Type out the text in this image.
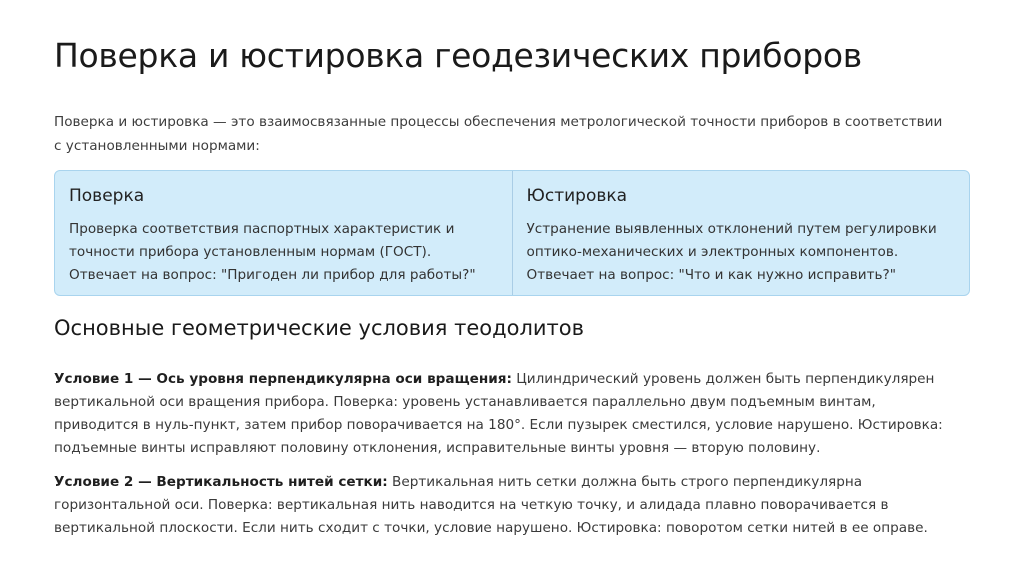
Поверка и юстировка геодезических приборов

Поверка и юстировка — это взаимосвязанные процессы обеспечения метрологической точности приборов в соответствии с установленными нормами:

Поверка

Проверка соответствия паспортных характеристик и точности прибора установленным нормам (ГОСТ). Отвечает на вопрос: "Пригоден ли прибор для работы?"

Юстировка

Устранение выявленных отклонений путем регулировки оптико-механических и электронных компонентов. Отвечает на вопрос: "Что и как нужно исправить?"

Основные геометрические условия теодолитов

Условие 1 — Ось уровня перпендикулярна оси вращения: Цилиндрический уровень должен быть перпендикулярен вертикальной оси вращения прибора. Поверка: уровень устанавливается параллельно двум подъемным винтам, приводится в нуль-пункт, затем прибор поворачивается на 180°. Если пузырек сместился, условие нарушено. Юстировка: подъемные винты исправляют половину отклонения, исправительные винты уровня — вторую половину.

Условие 2 — Вертикальность нитей сетки: Вертикальная нить сетки должна быть строго перпендикулярна горизонтальной оси. Поверка: вертикальная нить наводится на четкую точку, и алидада плавно поворачивается в вертикальной плоскости. Если нить сходит с точки, условие нарушено. Юстировка: поворотом сетки нитей в ее оправе.
